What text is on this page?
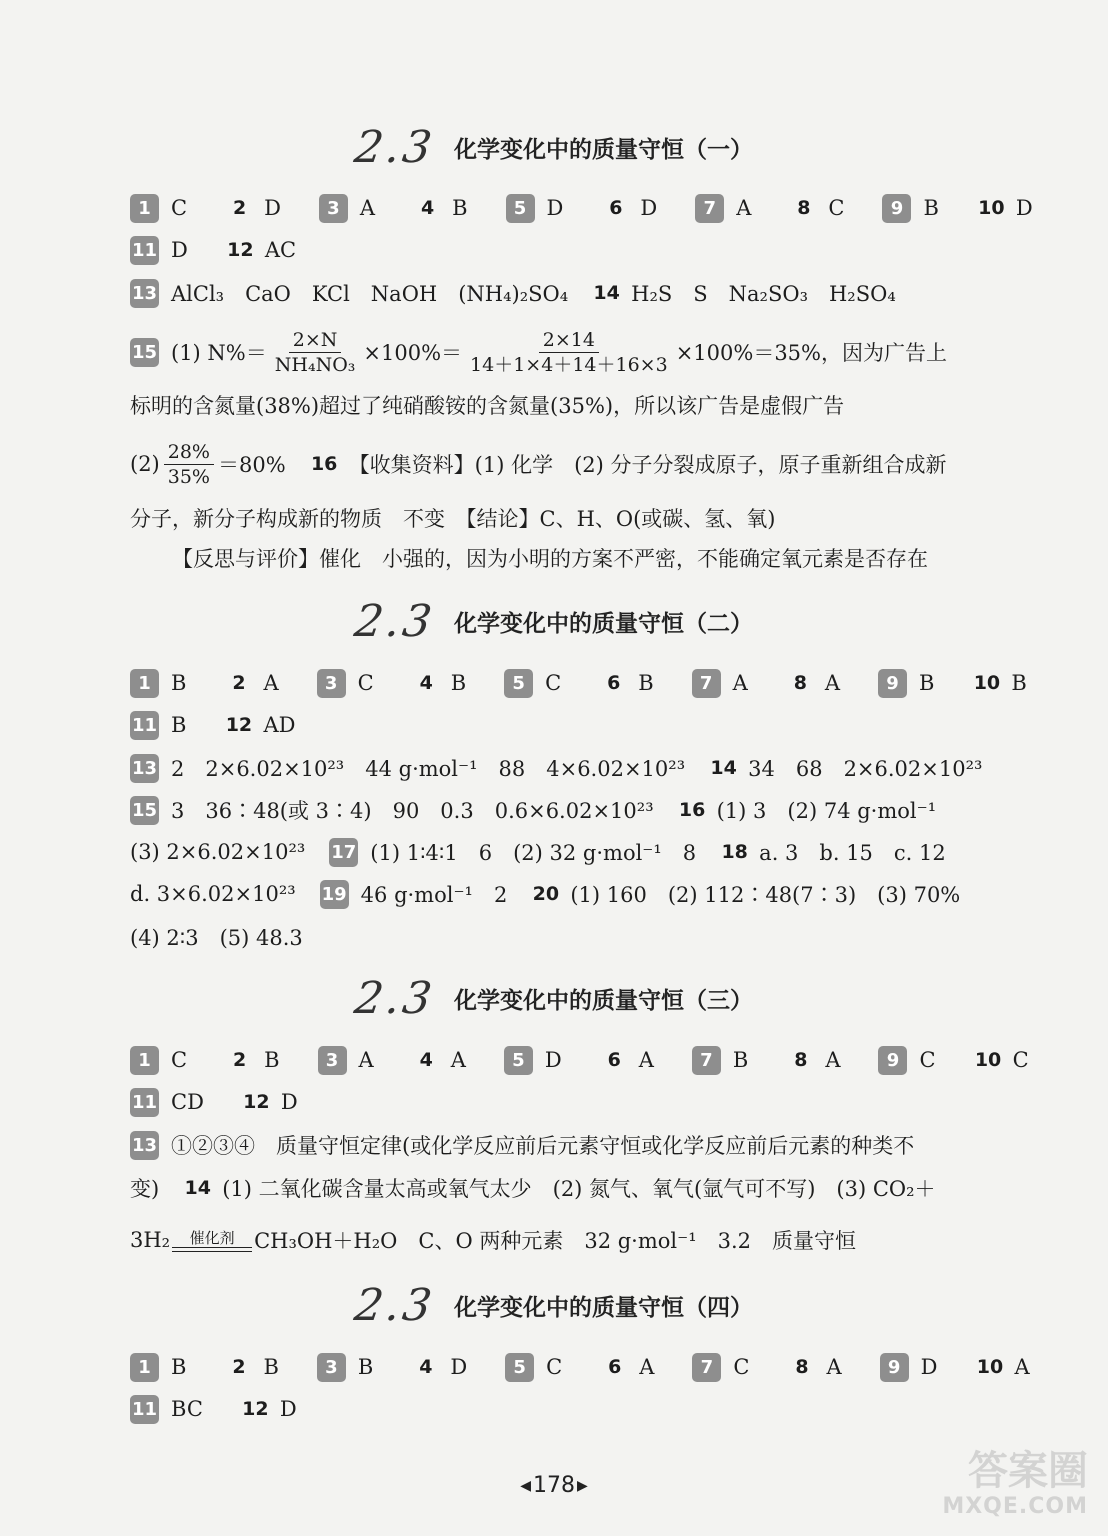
2.3 化学变化中的质量守恒（一）
1 C	2 D	3 A	4 B	5 D	6 D	7 A	8 C	9 B 10 D
11 D 12 AC
13 AlCl₃　CaO　KCl　NaOH　(NH₄)₂SO₄ 14 H₂S　S　Na₂SO₃　H₂SO₄
15 (1) $N\%= \frac{2\times N}{\text{NH₄NO₃}} \times 100\%= \frac{2\times 14}{14+1\times 4+14+16\times 3} \times 100\%=35\%$，因为广告上
标明的含氮量(38%)超过了纯硝酸铵的含氮量(35%)，所以该广告是虚假广告
$(2) \frac{28\%}{35\%} =80\%$ 16 【收集资料】(1) 化学　(2) 分子分裂成原子，原子重新组合成新
分子，新分子构成新的物质　不变　【结论】C、H、O(或碳、氢、氧)
【反思与评价】催化　小强的，因为小明的方案不严密，不能确定氧元素是否存在
2.3 化学变化中的质量守恒（二）
1 B	2 A	3 C	4 B	5 C	6 B	7 A	8 A	9 B 10 B
11 B 12 AD
13 2　2×6.02×10²³　44 g·mol⁻¹　88　4×6.02×10²³ 14 34　68　2×6.02×10²³
15 3　36∶48(或 3∶4)　90　0.3　0.6×6.02×10²³ 16 (1) 3　(2) 74 g·mol⁻¹
(3) 2×6.02×10²³ 17 (1) 1∶4∶1　6　(2) 32 g·mol⁻¹　8 18 a. 3　b. 15　c. 12
d. 3×6.02×10²³ 19 46 g·mol⁻¹　2 20 (1) 160　(2) 112∶48(7∶3)　(3) 70%
(4) 2∶3　(5) 48.3
2.3 化学变化中的质量守恒（三）
1 C	2 B	3 A	4 A	5 D	6 A	7 B	8 A	9 C 10 C
11 CD 12 D
13 ①②③④　质量守恒定律(或化学反应前后元素守恒或化学反应前后元素的种类不
变) 14 (1) 二氧化碳含量太高或氧气太少　(2) 氮气、氧气(氩气可不写)　(3) CO₂＋
3H₂ 催化剂 CH₃OH＋H₂O　C、O 两种元素　32 g·mol⁻¹　3.2　质量守恒
2.3 化学变化中的质量守恒（四）
1 B	2 B	3 B	4 D	5 C	6 A	7 C	8 A	9 D 10 A
11 BC 12 D
◀178 ▶	答案圈
MXQE.COM
